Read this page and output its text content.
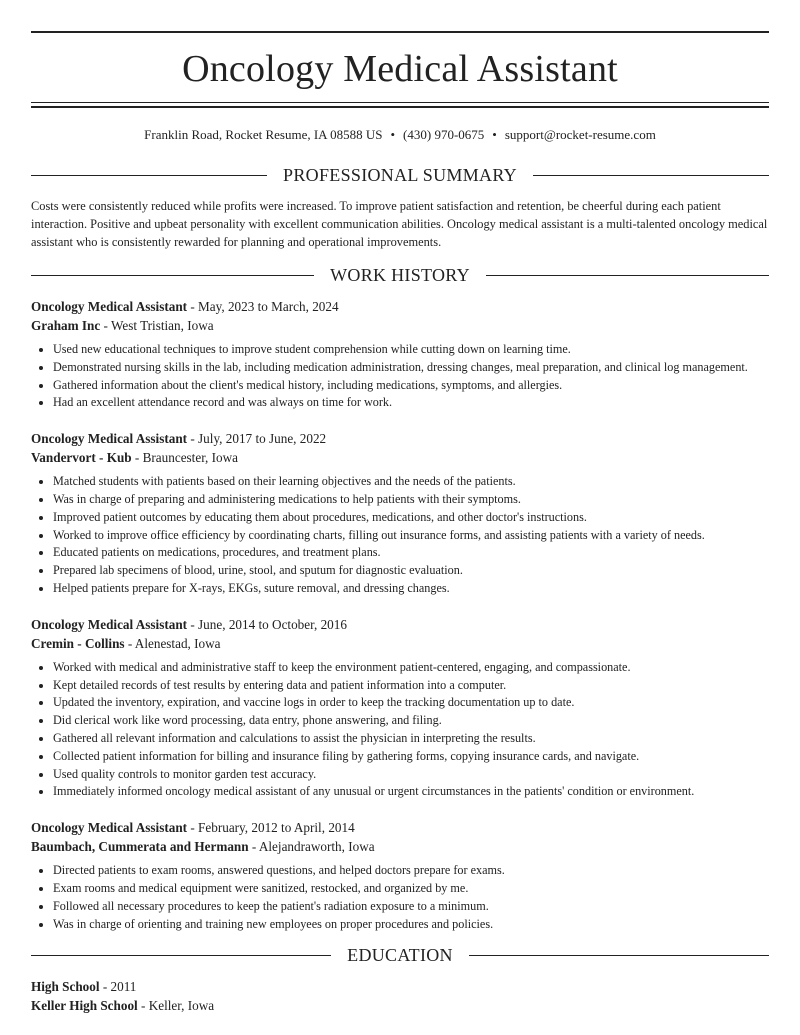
Oncology Medical Assistant
Franklin Road, Rocket Resume, IA 08588 US • (430) 970-0675 • support@rocket-resume.com
PROFESSIONAL SUMMARY

Costs were consistently reduced while profits were increased. To improve patient satisfaction and retention, be cheerful during each patient interaction. Positive and upbeat personality with excellent communication abilities. Oncology medical assistant is a multi-talented oncology medical assistant who is consistently rewarded for planning and operational improvements.

WORK HISTORY
Oncology Medical Assistant - May, 2023 to March, 2024
Graham Inc - West Tristian, Iowa
• Used new educational techniques to improve student comprehension while cutting down on learning time.
• Demonstrated nursing skills in the lab, including medication administration, dressing changes, meal preparation, and clinical log management.
• Gathered information about the client's medical history, including medications, symptoms, and allergies.
• Had an excellent attendance record and was always on time for work.
Oncology Medical Assistant - July, 2017 to June, 2022
Vandervort - Kub - Brauncester, Iowa
• Matched students with patients based on their learning objectives and the needs of the patients.
• Was in charge of preparing and administering medications to help patients with their symptoms.
• Improved patient outcomes by educating them about procedures, medications, and other doctor's instructions.
• Worked to improve office efficiency by coordinating charts, filling out insurance forms, and assisting patients with a variety of needs.
• Educated patients on medications, procedures, and treatment plans.
• Prepared lab specimens of blood, urine, stool, and sputum for diagnostic evaluation.
• Helped patients prepare for X-rays, EKGs, suture removal, and dressing changes.
Oncology Medical Assistant - June, 2014 to October, 2016
Cremin - Collins - Alenestad, Iowa
• Worked with medical and administrative staff to keep the environment patient-centered, engaging, and compassionate.
• Kept detailed records of test results by entering data and patient information into a computer.
• Updated the inventory, expiration, and vaccine logs in order to keep the tracking documentation up to date.
• Did clerical work like word processing, data entry, phone answering, and filing.
• Gathered all relevant information and calculations to assist the physician in interpreting the results.
• Collected patient information for billing and insurance filing by gathering forms, copying insurance cards, and navigate.
• Used quality controls to monitor garden test accuracy.
• Immediately informed oncology medical assistant of any unusual or urgent circumstances in the patients' condition or environment.
Oncology Medical Assistant - February, 2012 to April, 2014
Baumbach, Cummerata and Hermann - Alejandraworth, Iowa
• Directed patients to exam rooms, answered questions, and helped doctors prepare for exams.
• Exam rooms and medical equipment were sanitized, restocked, and organized by me.
• Followed all necessary procedures to keep the patient's radiation exposure to a minimum.
• Was in charge of orienting and training new employees on proper procedures and policies.
EDUCATION
High School - 2011
Keller High School - Keller, Iowa
